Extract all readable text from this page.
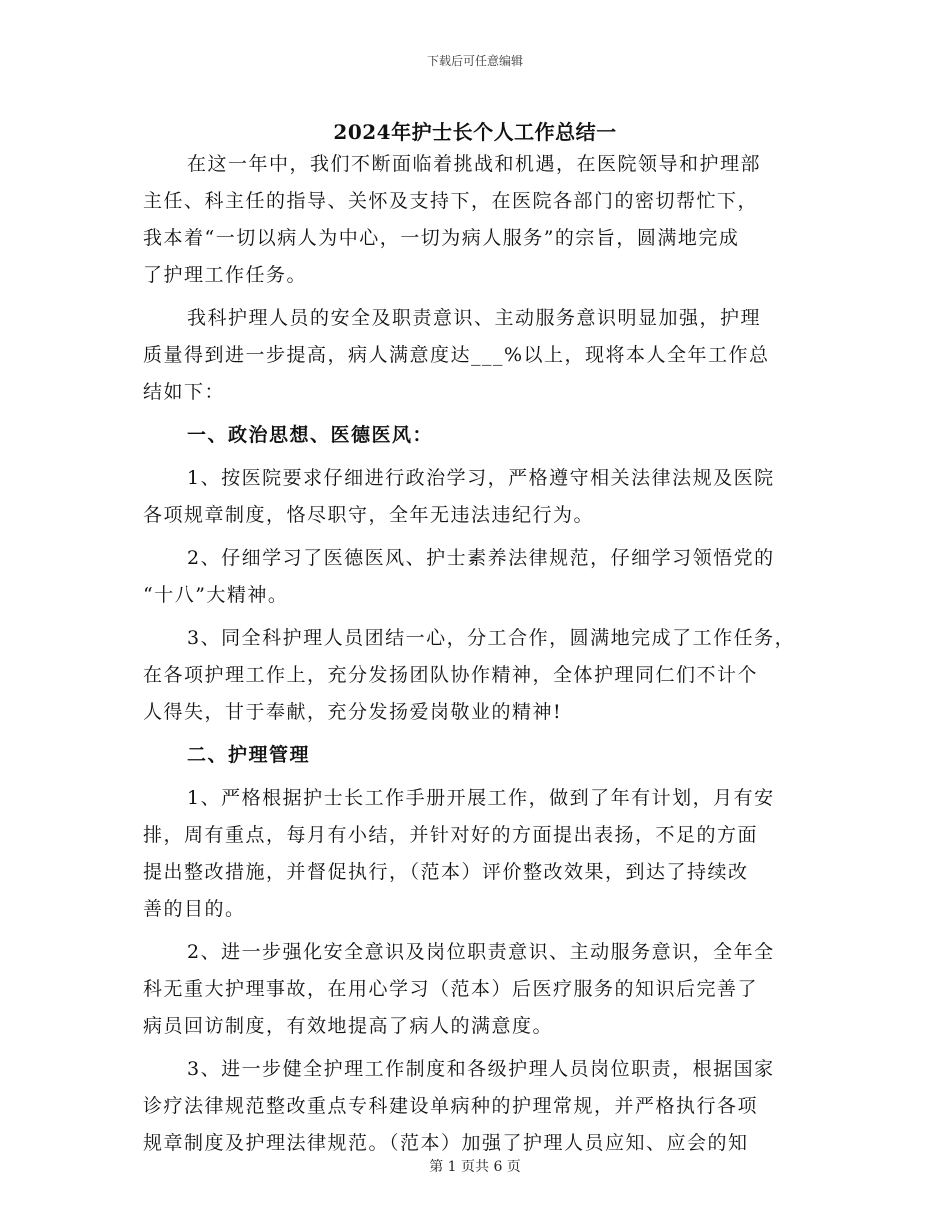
下载后可任意编辑
2024年护士长个人工作总结一
在这一年中，我们不断面临着挑战和机遇，在医院领导和护理部
主任、科主任的指导、关怀及支持下，在医院各部门的密切帮忙下，
我本着“一切以病人为中心，一切为病人服务”的宗旨，圆满地完成
了护理工作任务。
我科护理人员的安全及职责意识、主动服务意识明显加强，护理
质量得到进一步提高，病人满意度达___%以上，现将本人全年工作总
结如下：
一、政治思想、医德医风：
1、按医院要求仔细进行政治学习，严格遵守相关法律法规及医院
各项规章制度，恪尽职守，全年无违法违纪行为。
2、仔细学习了医德医风、护士素养法律规范，仔细学习领悟党的
“十八”大精神。
3、同全科护理人员团结一心，分工合作，圆满地完成了工作任务，
在各项护理工作上，充分发扬团队协作精神，全体护理同仁们不计个
人得失，甘于奉献，充分发扬爱岗敬业的精神!
二、护理管理
1、严格根据护士长工作手册开展工作，做到了年有计划，月有安
排，周有重点，每月有小结，并针对好的方面提出表扬，不足的方面
提出整改措施，并督促执行，（范本）评价整改效果，到达了持续改
善的目的。
2、进一步强化安全意识及岗位职责意识、主动服务意识，全年全
科无重大护理事故，在用心学习（范本）后医疗服务的知识后完善了
病员回访制度，有效地提高了病人的满意度。
3、进一步健全护理工作制度和各级护理人员岗位职责，根据国家
诊疗法律规范整改重点专科建设单病种的护理常规，并严格执行各项
规章制度及护理法律规范。（范本）加强了护理人员应知、应会的知
第 1 页共 6 页
